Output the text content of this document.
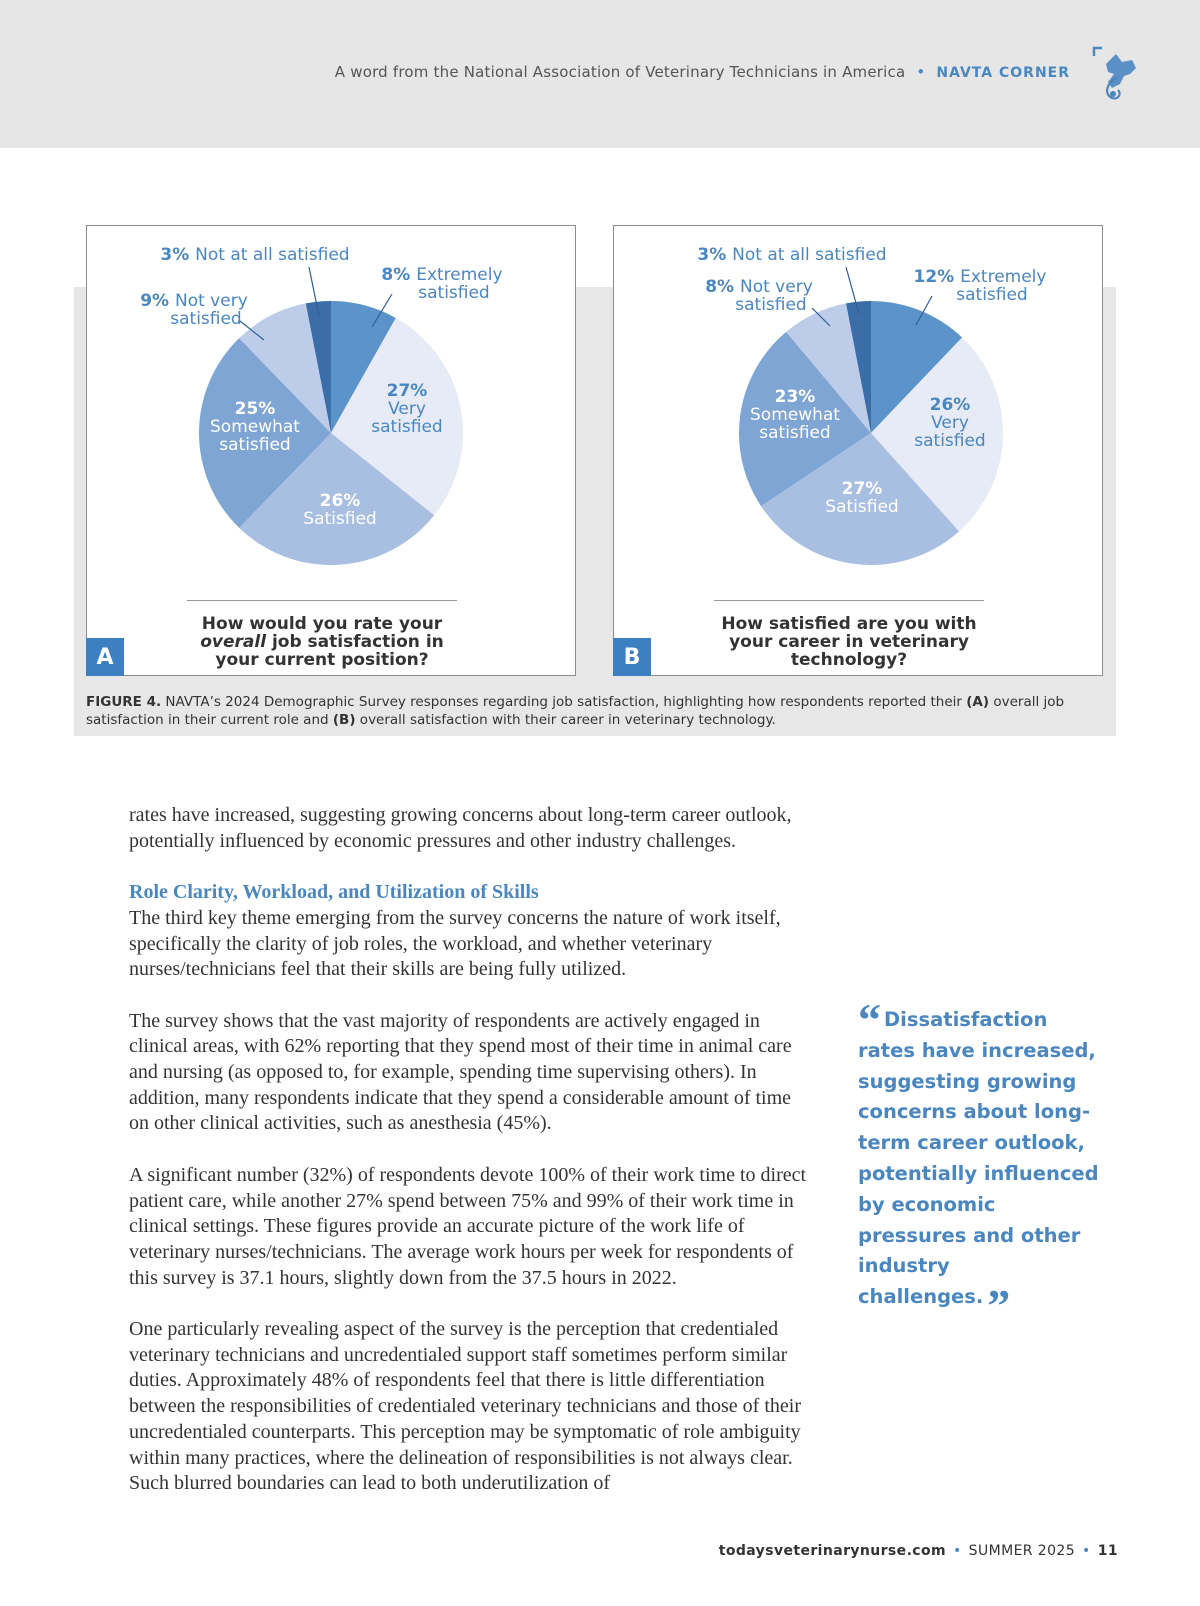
A word from the National Association of Veterinary Technicians in America • NAVTA CORNER
8% Extremely satisfied
27% Very satisfied
26% Satisfied
25% Somewhat satisfied
9% Not very satisfied
3% Not at all satisfied
How would you rate your
overall job satisfaction in
your current position?
A
12% Extremely satisfied
26% Very satisfied
27% Satisfied
23% Somewhat satisfied
8% Not very satisfied
3% Not at all satisfied
How satisfied are you with
your career in veterinary
technology?
B
FIGURE 4. NAVTA’s 2024 Demographic Survey responses regarding job satisfaction, highlighting how respondents reported their (A) overall job satisfaction in their current role and (B) overall satisfaction with their career in veterinary technology.

rates have increased, suggesting growing concerns about long-term career outlook, potentially influenced by economic pressures and other industry challenges.

Role Clarity, Workload, and Utilization of Skills

The third key theme emerging from the survey concerns the nature of work itself, specifically the clarity of job roles, the workload, and whether veterinary nurses/technicians feel that their skills are being fully utilized.

The survey shows that the vast majority of respondents are actively engaged in clinical areas, with 62% reporting that they spend most of their time in animal care and nursing (as opposed to, for example, spending time supervising others). In addition, many respondents indicate that they spend a considerable amount of time on other clinical activities, such as anesthesia (45%).

A significant number (32%) of respondents devote 100% of their work time to direct patient care, while another 27% spend between 75% and 99% of their work time in clinical settings. These figures provide an accurate picture of the work life of veterinary nurses/technicians. The average work hours per week for respondents of this survey is 37.1 hours, slightly down from the 37.5 hours in 2022.

One particularly revealing aspect of the survey is the perception that credentialed veterinary technicians and uncredentialed support staff sometimes perform similar duties. Approximately 48% of respondents feel that there is little differentiation between the responsibilities of credentialed veterinary technicians and those of their uncredentialed counterparts. This perception may be symptomatic of role ambiguity within many practices, where the delineation of responsibilities is not always clear. Such blurred boundaries can lead to both underutilization of

“ Dissatisfaction rates have increased, suggesting growing concerns about long-term career outlook, potentially influenced by economic pressures and other industry challenges.”
todaysveterinarynurse.com • SUMMER 2025 • 11
